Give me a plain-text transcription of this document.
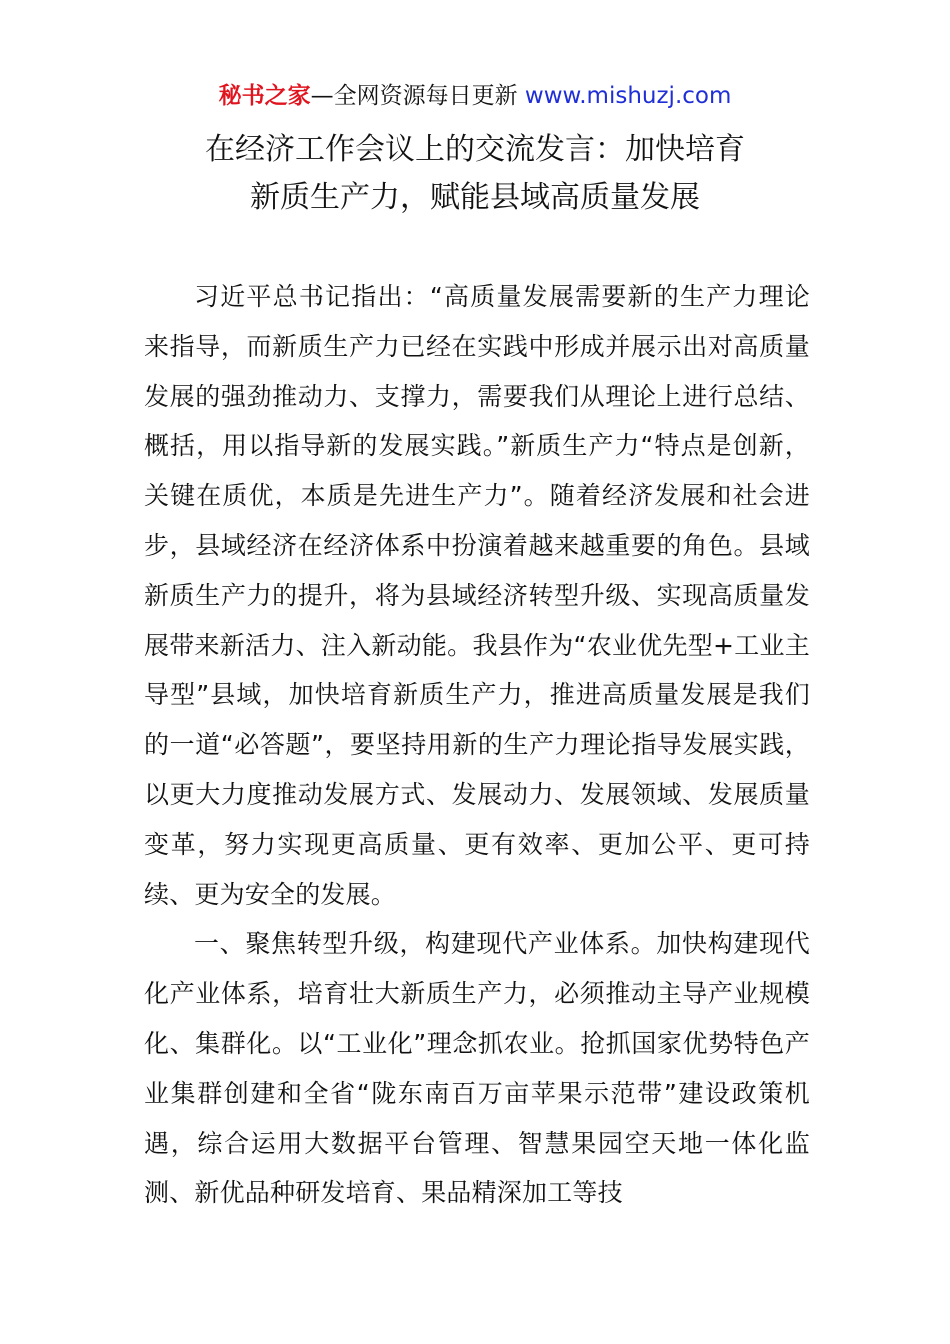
秘书之家—全网资源每日更新 www.mishuzj.com
在经济工作会议上的交流发言：加快培育
新质生产力，赋能县域高质量发展

习近平总书记指出：“高质量发展需要新的生产力理论来指导，而新质生产力已经在实践中形成并展示出对高质量发展的强劲推动力、支撑力，需要我们从理论上进行总结、概括，用以指导新的发展实践。”新质生产力“特点是创新，关键在质优，本质是先进生产力”。随着经济发展和社会进步，县域经济在经济体系中扮演着越来越重要的角色。县域新质生产力的提升，将为县域经济转型升级、实现高质量发展带来新活力、注入新动能。我县作为“农业优先型+工业主导型”县域，加快培育新质生产力，推进高质量发展是我们的一道“必答题”，要坚持用新的生产力理论指导发展实践，以更大力度推动发展方式、发展动力、发展领域、发展质量变革，努力实现更高质量、更有效率、更加公平、更可持续、更为安全的发展。

一、聚焦转型升级，构建现代产业体系。加快构建现代化产业体系，培育壮大新质生产力，必须推动主导产业规模化、集群化。以“工业化”理念抓农业。抢抓国家优势特色产业集群创建和全省“陇东南百万亩苹果示范带”建设政策机遇，综合运用大数据平台管理、智慧果园空天地一体化监测、新优品种研发培育、果品精深加工等技
